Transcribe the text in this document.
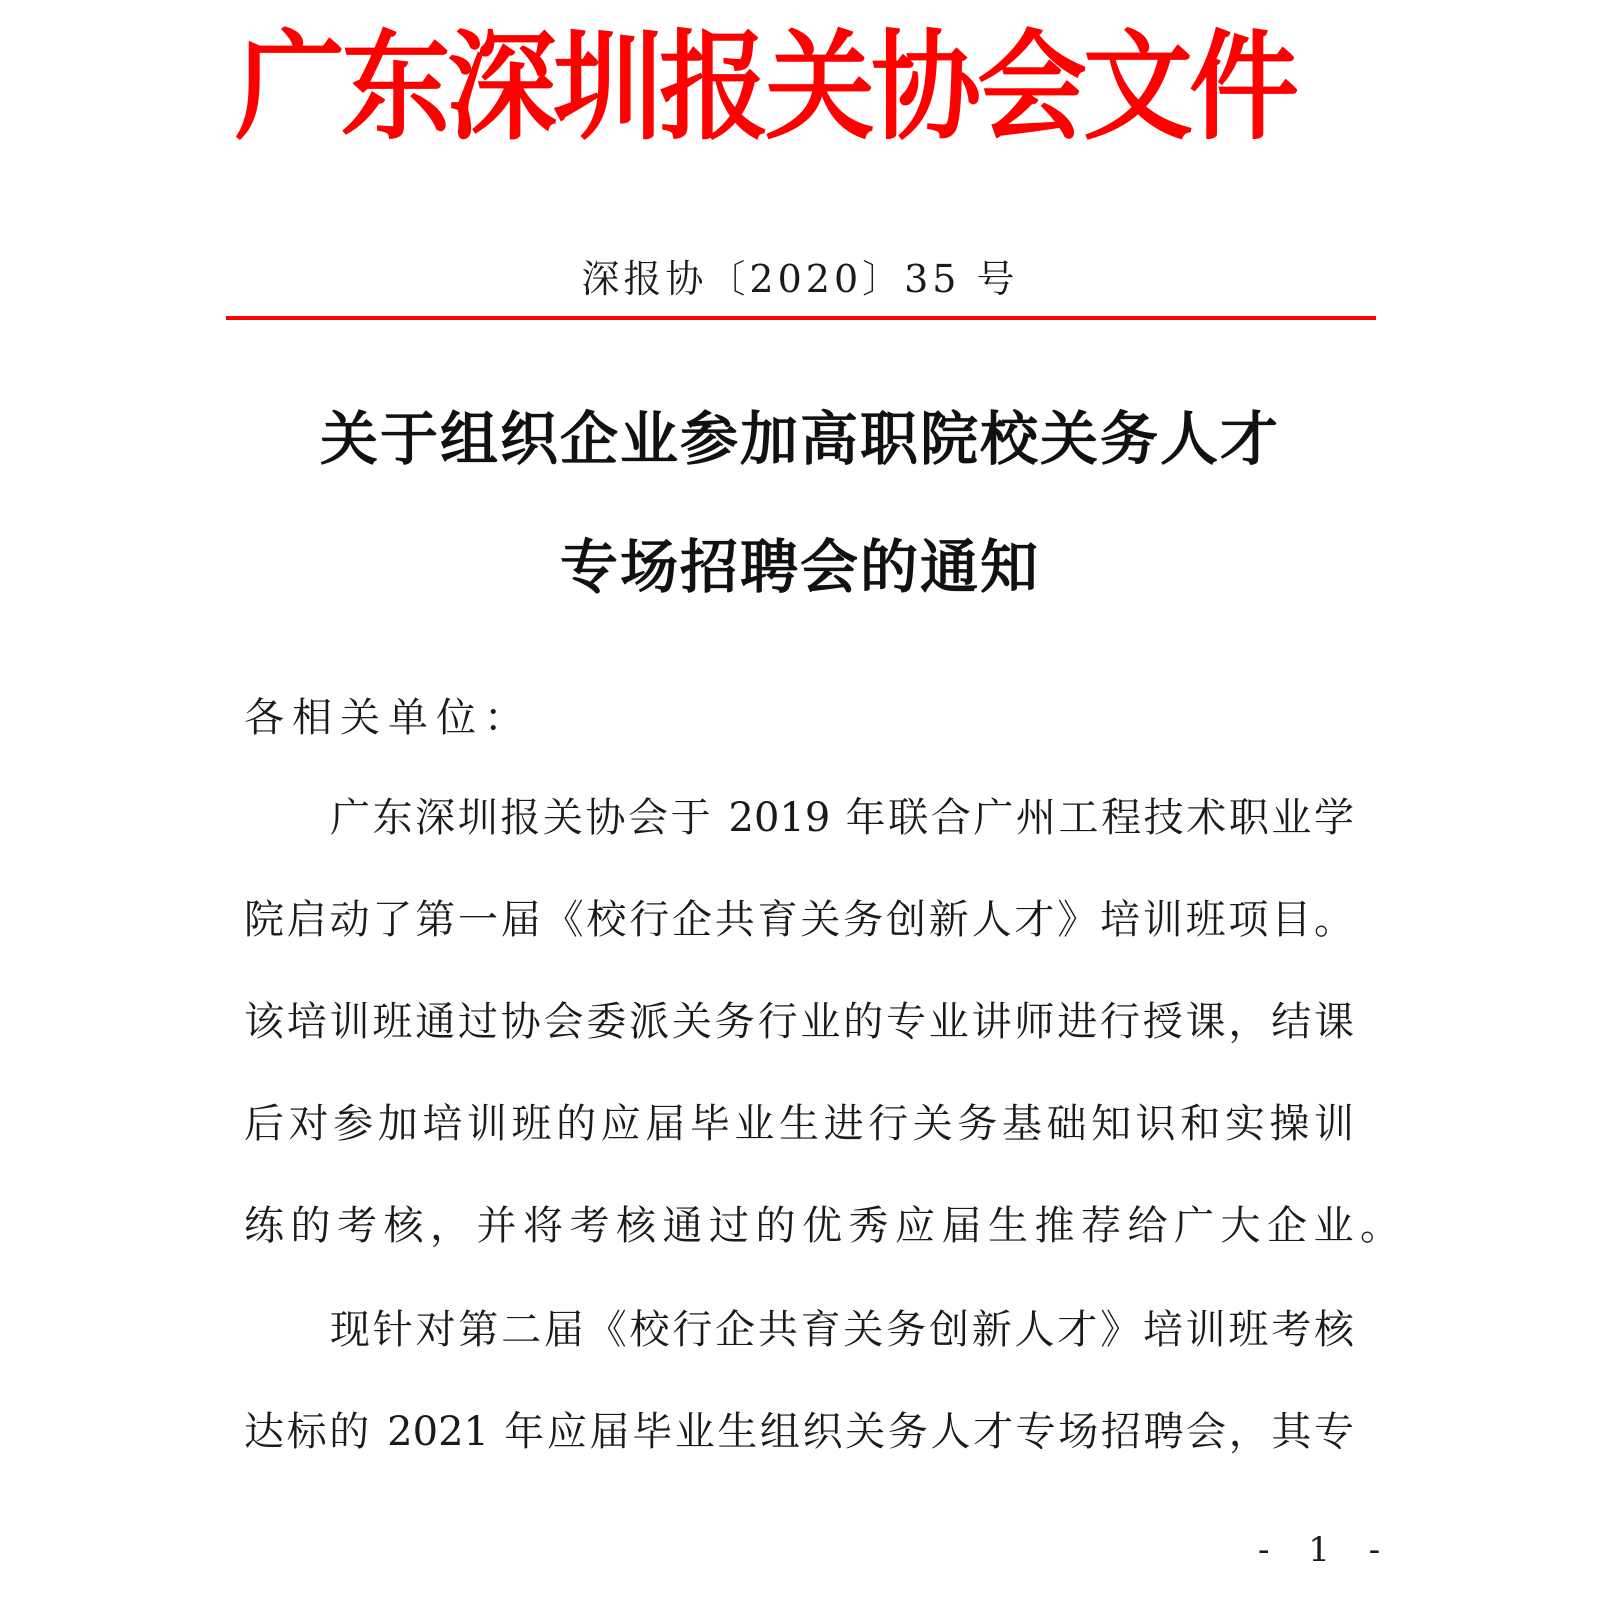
广东深圳报关协会文件
深报协〔2020〕35 号
关于组织企业参加高职院校关务人才
专场招聘会的通知
各相关单位：
广东深圳报关协会于 2019 年联合广州工程技术职业学
院启动了第一届《校行企共育关务创新人才》培训班项目。
该培训班通过协会委派关务行业的专业讲师进行授课，结课
后对参加培训班的应届毕业生进行关务基础知识和实操训
练的考核，并将考核通过的优秀应届生推荐给广大企业。
现针对第二届《校行企共育关务创新人才》培训班考核
达标的 2021 年应届毕业生组织关务人才专场招聘会，其专
- 1 -
